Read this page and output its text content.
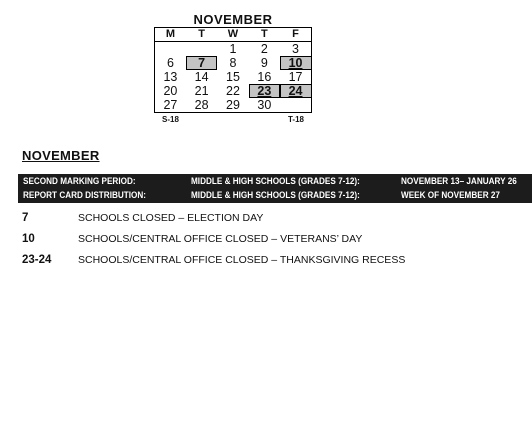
NOVEMBER
M	T	W	T	F
		1	2	3
6	7	8	9	10
13	14	15	16	17
20	21	22	23	24
27	28	29	30	
S-18	T-18
NOVEMBER
SECOND MARKING PERIOD:	MIDDLE & HIGH SCHOOLS (GRADES 7-12):	NOVEMBER 13– JANUARY 26
REPORT CARD DISTRIBUTION:	MIDDLE & HIGH SCHOOLS (GRADES 7-12):	WEEK OF NOVEMBER 27
7	SCHOOLS CLOSED – ELECTION DAY
10	SCHOOLS/CENTRAL OFFICE CLOSED – VETERANS’ DAY
23-24	SCHOOLS/CENTRAL OFFICE CLOSED – THANKSGIVING RECESS
